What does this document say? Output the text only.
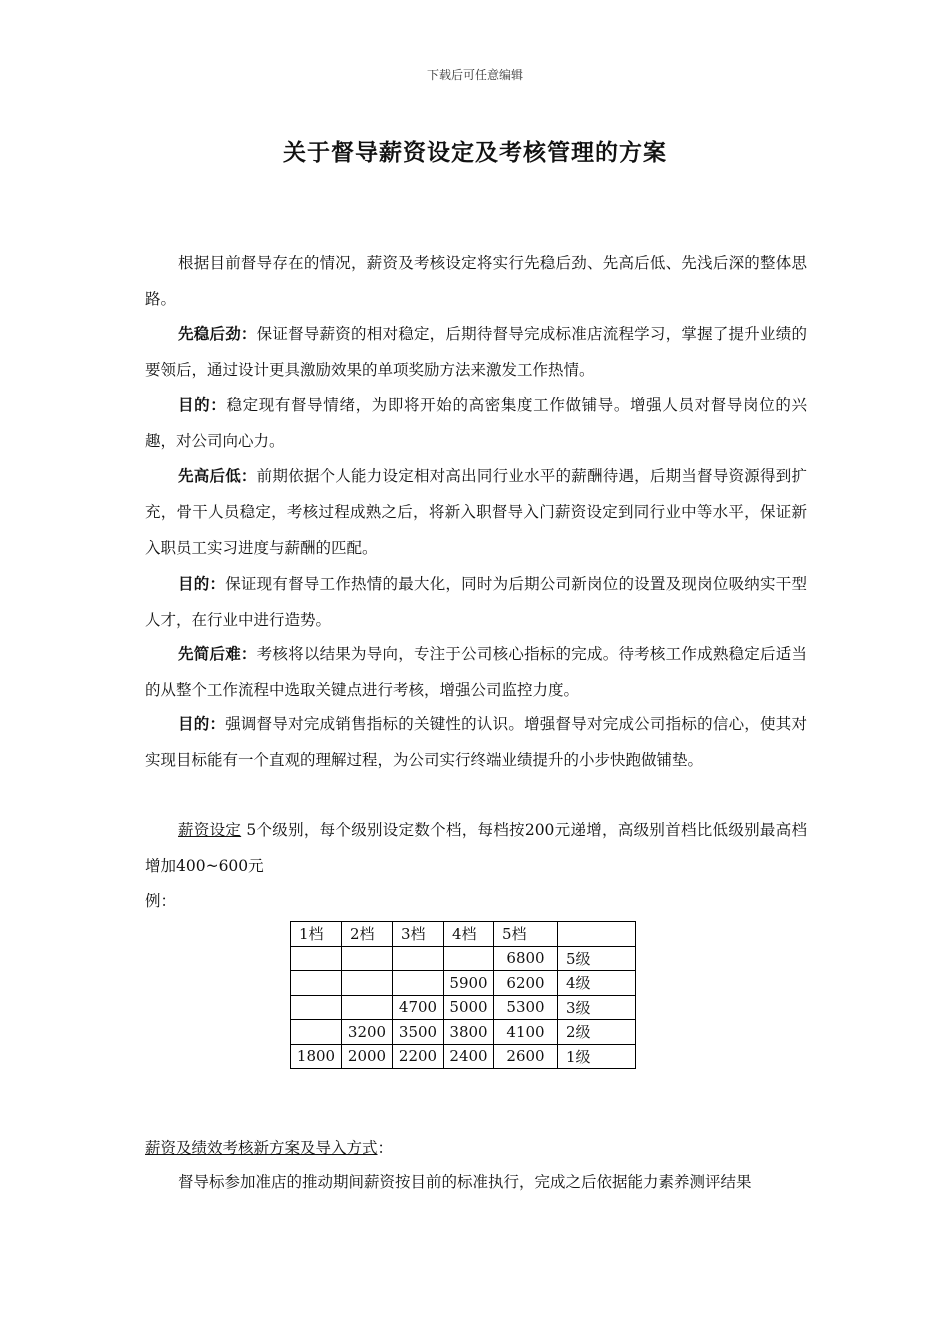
下载后可任意编辑
关于督导薪资设定及考核管理的方案

根据目前督导存在的情况，薪资及考核设定将实行先稳后劲、先高后低、先浅后深的整体思路。

先稳后劲：保证督导薪资的相对稳定，后期待督导完成标准店流程学习，掌握了提升业绩的要领后，通过设计更具激励效果的单项奖励方法来激发工作热情。

目的：稳定现有督导情绪，为即将开始的高密集度工作做铺导。增强人员对督导岗位的兴趣，对公司向心力。

先高后低：前期依据个人能力设定相对高出同行业水平的薪酬待遇，后期当督导资源得到扩充，骨干人员稳定，考核过程成熟之后，将新入职督导入门薪资设定到同行业中等水平，保证新入职员工实习进度与薪酬的匹配。

目的：保证现有督导工作热情的最大化，同时为后期公司新岗位的设置及现岗位吸纳实干型人才，在行业中进行造势。

先简后难：考核将以结果为导向，专注于公司核心指标的完成。待考核工作成熟稳定后适当的从整个工作流程中选取关键点进行考核，增强公司监控力度。

目的：强调督导对完成销售指标的关键性的认识。增强督导对完成公司指标的信心，使其对实现目标能有一个直观的理解过程，为公司实行终端业绩提升的小步快跑做铺垫。

薪资设定 5个级别，每个级别设定数个档，每档按200元递增，高级别首档比低级别最高档增加400~600元

例：

1档	2档	3档	4档	5档	
				6800	5级
			5900	6200	4级
		4700	5000	5300	3级
	3200	3500	3800	4100	2级
1800	2000	2200	2400	2600	1级

薪资及绩效考核新方案及导入方式：

督导标参加准店的推动期间薪资按目前的标准执行，完成之后依据能力素养测评结果
